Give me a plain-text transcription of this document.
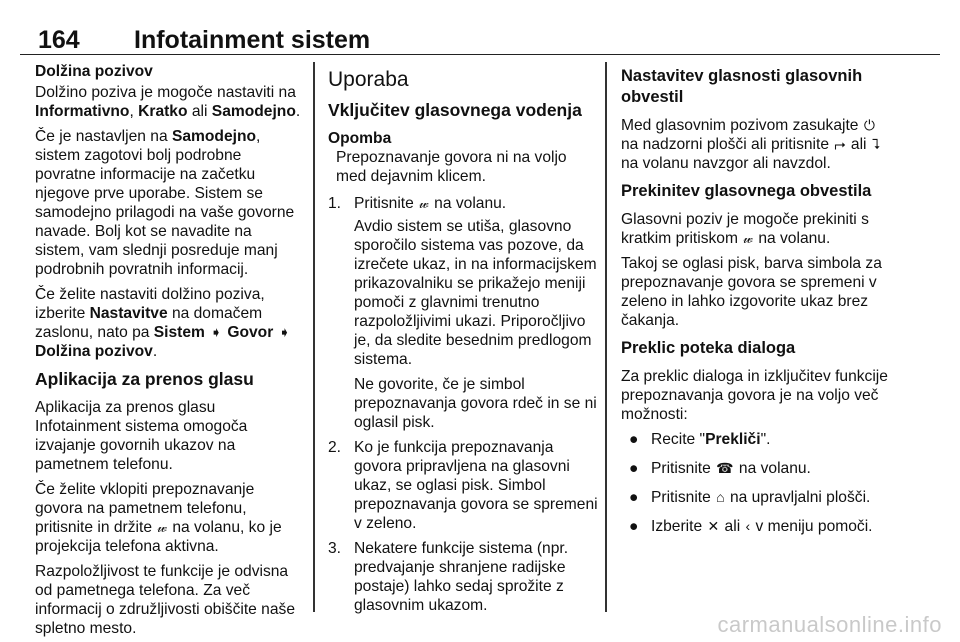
164 Infotainment sistem

Dolžina pozivov

Dolžino poziva je mogoče nastaviti na Informativno, Kratko ali Samodejno.

Če je nastavljen na Samodejno, sistem zagotovi bolj podrobne povratne informacije na začetku njegove prve uporabe. Sistem se samodejno prilagodi na vaše govorne navade. Bolj kot se navadite na sistem, vam slednji posreduje manj podrobnih povratnih informacij.

Če želite nastaviti dolžino poziva, izberite Nastavitve na domačem zaslonu, nato pa Sistem ➧ Govor ➧ Dolžina pozivov.

Aplikacija za prenos glasu

Aplikacija za prenos glasu Infotainment sistema omogoča izvajanje govornih ukazov na pametnem telefonu.

Če želite vklopiti prepoznavanje govora na pametnem telefonu, pritisnite in držite 𝓌 na volanu, ko je projekcija telefona aktivna.

Razpoložljivost te funkcije je odvisna od pametnega telefona. Za več informacij o združljivosti obiščite naše spletno mesto.

Uporaba
Vključitev glasovnega vodenja

Opomba

Prepoznavanje govora ni na voljo med dejavnim klicem.

1. Pritisnite 𝓌 na volanu.

Avdio sistem se utiša, glasovno sporočilo sistema vas pozove, da izrečete ukaz, in na informacijskem prikazovalniku se prikažejo meniji pomoči z glavnimi trenutno razpoložljivimi ukazi. Priporočljivo je, da sledite besednim predlogom sistema.

Ne govorite, če je simbol prepoznavanja govora rdeč in se ni oglasil pisk.

2. Ko je funkcija prepoznavanja govora pripravljena na glasovni ukaz, se oglasi pisk. Simbol prepoznavanja govora se spremeni v zeleno.
3. Nekatere funkcije sistema (npr. predvajanje shranjene radijske postaje) lahko sedaj sprožite z glasovnim ukazom.
Nastavitev glasnosti glasovnih obvestil

Med glasovnim pozivom zasukajte ⏻ na nadzorni plošči ali pritisnite ⮣ ali ⮧ na volanu navzgor ali navzdol.

Prekinitev glasovnega obvestila

Glasovni poziv je mogoče prekiniti s kratkim pritiskom 𝓌 na volanu.

Takoj se oglasi pisk, barva simbola za prepoznavanje govora se spremeni v zeleno in lahko izgovorite ukaz brez čakanja.

Preklic poteka dialoga

Za preklic dialoga in izključitev funkcije prepoznavanja govora je na voljo več možnosti:

● Recite "Prekliči".
● Pritisnite ☎ na volanu.
● Pritisnite ⌂ na upravljalni plošči.
● Izberite ✕ ali ‹ v meniju pomoči.
carmanualsonline.info
